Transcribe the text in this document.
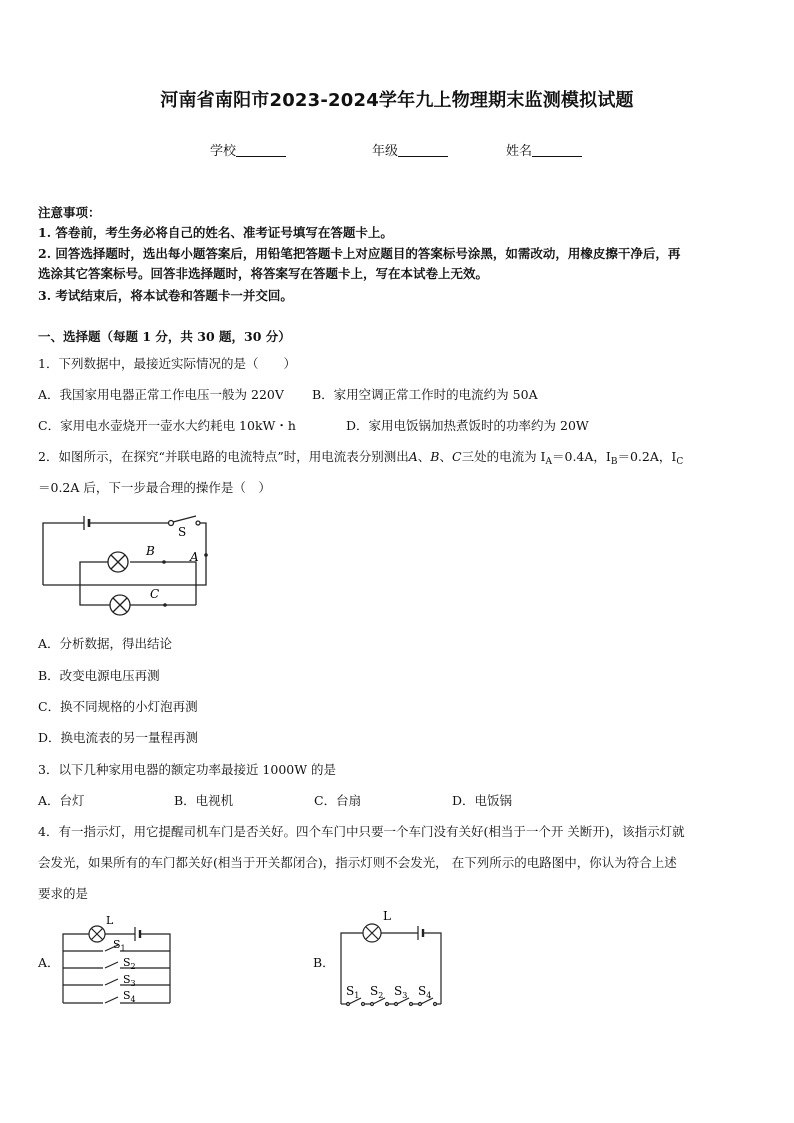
河南省南阳市2023-2024学年九上物理期末监测模拟试题
学校	年级	姓名
注意事项：
1. 答卷前，考生务必将自己的姓名、准考证号填写在答题卡上。
2. 回答选择题时，选出每小题答案后，用铅笔把答题卡上对应题目的答案标号涂黑，如需改动，用橡皮擦干净后，再
选涂其它答案标号。回答非选择题时，将答案写在答题卡上，写在本试卷上无效。
3. 考试结束后，将本试卷和答题卡一并交回。
一、选择题（每题 1 分，共 30 题，30 分）
1．下列数据中，最接近实际情况的是（　　）
A．我国家用电器正常工作电压一般为 220V B．家用空调正常工作时的电流约为 50A
C．家用电水壶烧开一壶水大约耗电 10kW・h	D．家用电饭锅加热煮饭时的功率约为 20W
2．如图所示，在探究“并联电路的电流特点”时，用电流表分别测出A、B、C三处的电流为 $I_A=0.4A$，$I_B=0.2A$，$I_C$
＝0.2A 后，下一步最合理的操作是（　）
S
B	A
C
A．分析数据，得出结论
B．改变电源电压再测
C．换不同规格的小灯泡再测
D．换电流表的另一量程再测
3．以下几种家用电器的额定功率最接近 1000W 的是
A．台灯	B．电视机	C．台扇	D．电饭锅
4．有一指示灯，用它提醒司机车门是否关好。四个车门中只要一个车门没有关好(相当于一个开 关断开)，该指示灯就
会发光，如果所有的车门都关好(相当于开关都闭合)，指示灯则不会发光， 在下列所示的电路图中，你认为符合上述
要求的是
A．
L
$S_1$
$S_2$
$S_3$
$S_4$
B．
L
$S_1$ $S_2$ $S_3$ $S_4$
